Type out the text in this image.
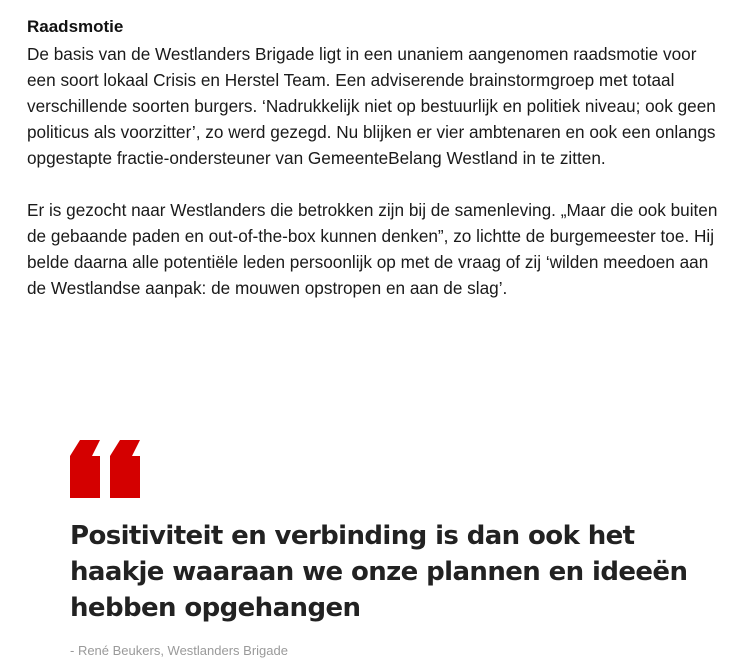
Raadsmotie

De basis van de Westlanders Brigade ligt in een unaniem aangenomen raadsmotie voor een soort lokaal Crisis en Herstel Team. Een adviserende brainstormgroep met totaal verschillende soorten burgers. ‘Nadrukkelijk niet op bestuurlijk en politiek niveau; ook geen politicus als voorzitter’, zo werd gezegd. Nu blijken er vier ambtenaren en ook een onlangs opgestapte fractie-ondersteuner van GemeenteBelang Westland in te zitten.

Er is gezocht naar Westlanders die betrokken zijn bij de samenleving. „Maar die ook buiten de gebaande paden en out-of-the-box kunnen denken”, zo lichtte de burgemeester toe. Hij belde daarna alle potentiële leden persoonlijk op met de vraag of zij ‘wilden meedoen aan de Westlandse aanpak: de mouwen opstropen en aan de slag’.

Positiviteit en verbinding is dan ook het haakje waaraan we onze plannen en ideeën hebben opgehangen

- René Beukers, Westlanders Brigade
